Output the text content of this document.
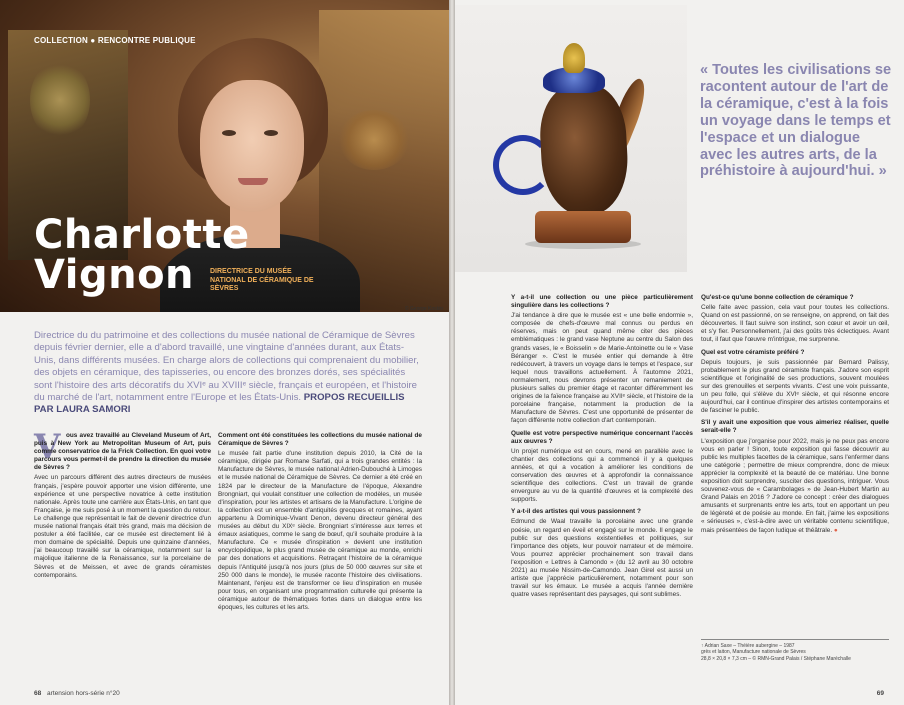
COLLECTION ● RENCONTRE PUBLIQUE
Charlotte
Vignon DIRECTRICE DU MUSÉE NATIONAL DE CÉRAMIQUE DE SÈVRES
© George Koskin
Directrice du du patrimoine et des collections du musée national de Céramique de Sèvres depuis février dernier, elle a d'abord travaillé, une vingtaine d'années durant, aux États-Unis, dans différents musées. En charge alors de collections qui comprenaient du mobilier, des objets en céramique, des tapisseries, ou encore des bronzes dorés, ses spécialités sont l'histoire des arts décoratifs du XVIᵉ au XVIIIᵉ siècle, français et européen, et l'histoire du marché de l'art, notamment entre l'Europe et les États-Unis. PROPOS RECUEILLIS PAR LAURA SAMORI
V ous avez travaillé au Cleveland Museum of Art, puis à New York au Metropolitan Museum of Art, puis comme conservatrice de la Frick Collection. En quoi votre parcours vous permet-il de prendre la direction du musée de Sèvres ?

Avec un parcours différent des autres directeurs de musées français, j'espère pouvoir apporter une vision différente, une expérience et une perspective novatrice à cette institution nationale. Après toute une carrière aux États-Unis, en tant que Française, je me suis posé à un moment la question du retour. Le challenge que représentait le fait de devenir directrice d'un musée national français était très grand, mais ma décision de postuler a été facilitée, car ce musée est directement lié à mon domaine de spécialité. Depuis une quinzaine d'années, j'ai beaucoup travaillé sur la céramique, notamment sur la majolique italienne de la Renaissance, sur la porcelaine de Sèvres et de Meissen, et avec de grands céramistes contemporains.

Comment ont été constituées les collections du musée national de Céramique de Sèvres ?

Le musée fait partie d'une institution depuis 2010, la Cité de la céramique, dirigée par Romane Sarfati, qui a trois grandes entités : la Manufacture de Sèvres, le musée national Adrien-Dubouché à Limoges et le musée national de Céramique de Sèvres. Ce dernier a été créé en 1824 par le directeur de la Manufacture de l'époque, Alexandre Brongniart, qui voulait constituer une collection de modèles, un musée d'inspiration, pour les artistes et artisans de la Manufacture. L'origine de la collection est un ensemble d'antiquités grecques et romaines, ayant appartenu à Dominique-Vivant Denon, devenu directeur général des musées au début du XIXᵉ siècle. Brongniart s'intéresse aux terres et émaux asiatiques, comme le sang de bœuf, qu'il souhaite produire à la Manufacture. Ce « musée d'inspiration » devient une institution encyclopédique, le plus grand musée de céramique au monde, enrichi par des donations et acquisitions. Retraçant l'histoire de la céramique depuis l'Antiquité jusqu'à nos jours (plus de 50 000 œuvres sur site et 250 000 dans le monde), le musée raconte l'histoire des civilisations. Maintenant, l'enjeu est de transformer ce lieu d'inspiration en musée pour tous, en organisant une programmation culturelle qui présente la céramique autour de thématiques fortes dans un dialogue entre les époques, les cultures et les arts.

68 artension hors-série n°20
« Toutes les civilisations se racontent autour de l'art de la céramique, c'est à la fois un voyage dans le temps et l'espace et un dialogue avec les autres arts, de la préhistoire à aujourd'hui. »

Y a-t-il une collection ou une pièce particulièrement singulière dans les collections ?

J'ai tendance à dire que le musée est « une belle endormie », composée de chefs-d'œuvre mal connus ou perdus en réserves, mais on peut quand même citer des pièces emblématiques : le grand vase Neptune au centre du Salon des grands vases, le « Boisselin » de Marie-Antoinette ou le « Vase Béranger ». C'est le musée entier qui demande à être redécouvert, à travers un voyage dans le temps et l'espace, sur lequel nous travaillons actuellement. À l'automne 2021, normalement, nous devrons présenter un remaniement de plusieurs salles du premier étage et raconter différemment les origines de la faïence française au XVIIᵉ siècle, et l'histoire de la porcelaine française, notamment la production de la Manufacture de Sèvres. C'est une opportunité de présenter de façon différente notre collection d'art contemporain.

Quelle est votre perspective numérique concernant l'accès aux œuvres ?

Un projet numérique est en cours, mené en parallèle avec le chantier des collections qui a commencé il y a quelques années, et qui a vocation à améliorer les conditions de conservation des œuvres et à approfondir la connaissance scientifique des collections. C'est un travail de grande envergure au vu de la quantité d'œuvres et la complexité des supports.

Y a-t-il des artistes qui vous passionnent ?

Edmund de Waal travaille la porcelaine avec une grande poésie, un regard en éveil et engagé sur le monde. Il engage le public sur des questions existentielles et politiques, sur l'importance des objets, leur pouvoir narrateur et de mémoire. Vous pourrez apprécier prochainement son travail dans l'exposition « Lettres à Camondo » (du 12 avril au 30 octobre 2021) au musée Nissim-de-Camondo. Jean Girel est aussi un artiste que j'apprécie particulièrement, notamment pour son travail sur les émaux. Le musée a acquis l'année dernière quatre vases représentant des paysages, qui sont sublimes.

Qu'est-ce qu'une bonne collection de céramique ?

Celle faite avec passion, cela vaut pour toutes les collections. Quand on est passionné, on se renseigne, on apprend, on fait des découvertes. Il faut suivre son instinct, son cœur et avoir un œil, et s'y fier. Personnellement, j'ai des goûts très éclectiques. Avant tout, il faut que l'œuvre m'intrigue, me surprenne.

Quel est votre céramiste préféré ?

Depuis toujours, je suis passionnée par Bernard Palissy, probablement le plus grand céramiste français. J'adore son esprit scientifique et l'originalité de ses productions, souvent moulées sur des grenouilles et serpents vivants. C'est une voix puissante, un peu folle, qui s'élève du XVIᵉ siècle, et qui résonne encore aujourd'hui, car il continue d'inspirer des artistes contemporains et de fasciner le public.

S'il y avait une exposition que vous aimeriez réaliser, quelle serait-elle ?

L'exposition que j'organise pour 2022, mais je ne peux pas encore vous en parler ! Sinon, toute exposition qui fasse découvrir au public les multiples facettes de la céramique, sans l'enfermer dans une catégorie ; permettre de mieux comprendre, donc de mieux apprécier la complexité et la beauté de ce matériau. Une bonne exposition doit surprendre, susciter des questions, intriguer. Vous souvenez-vous de « Carambolages » de Jean-Hubert Martin au Grand Palais en 2016 ? J'adore ce concept : créer des dialogues amusants et surprenants entre les arts, tout en apportant un peu de légèreté et de poésie au monde. En fait, j'aime les expositions « sérieuses », c'est-à-dire avec un véritable contenu scientifique, mais présentées de façon ludique et théâtrale. ●

↑ Adrian Saxe – Théière aubergine – 1987
grès et laiton, Manufacture nationale de Sèvres
28,8 × 20,8 × 7,3 cm – © RMN-Grand Palais / Stéphane Maréchalle
69
